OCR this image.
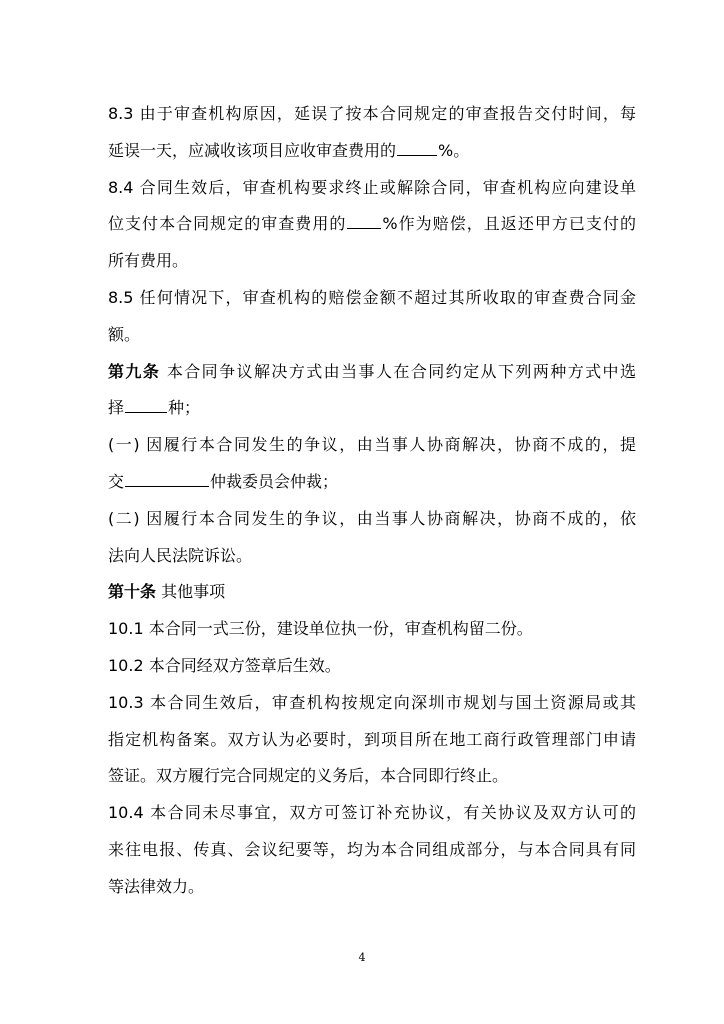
8.3 由于审查机构原因，延误了按本合同规定的审查报告交付时间，每
延误一天，应减收该项目应收审查费用的	%。
8.4 合同生效后，审查机构要求终止或解除合同，审查机构应向建设单
位支付本合同规定的审查费用的 %作为赔偿，且返还甲方已支付的
所有费用。
8.5 任何情况下，审查机构的赔偿金额不超过其所收取的审查费合同金
额。
第九条 本合同争议解决方式由当事人在合同约定从下列两种方式中选
择	种；
(一) 因履行本合同发生的争议，由当事人协商解决，协商不成的，提
交	仲裁委员会仲裁；
(二) 因履行本合同发生的争议，由当事人协商解决，协商不成的，依
法向人民法院诉讼。
第十条 其他事项
10.1 本合同一式三份，建设单位执一份，审查机构留二份。
10.2 本合同经双方签章后生效。
10.3 本合同生效后，审查机构按规定向深圳市规划与国土资源局或其
指定机构备案。双方认为必要时，到项目所在地工商行政管理部门申请
签证。双方履行完合同规定的义务后，本合同即行终止。
10.4 本合同未尽事宜，双方可签订补充协议，有关协议及双方认可的
来往电报、传真、会议纪要等，均为本合同组成部分，与本合同具有同
等法律效力。
4
